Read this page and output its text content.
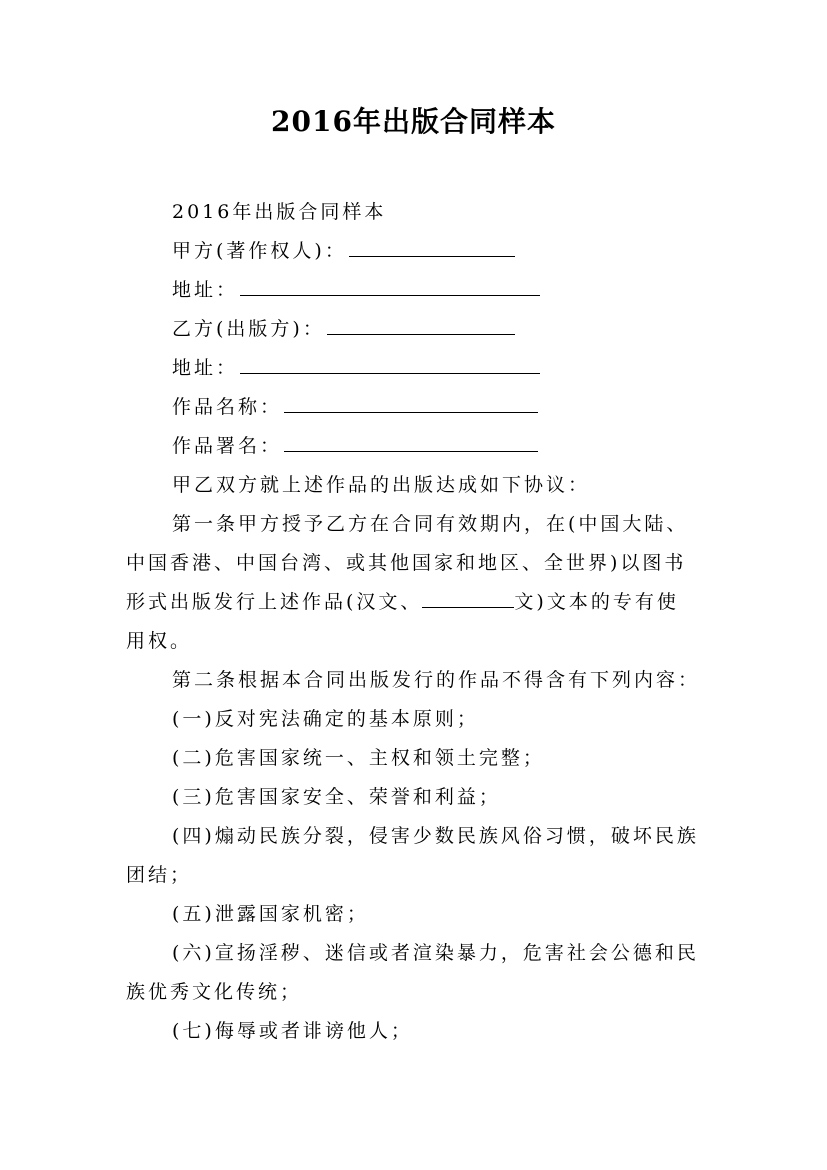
2016年出版合同样本
2016年出版合同样本
甲方(著作权人)：
地址：
乙方(出版方)：
地址：
作品名称：
作品署名：
甲乙双方就上述作品的出版达成如下协议：
第一条甲方授予乙方在合同有效期内，在(中国大陆、
中国香港、中国台湾、或其他国家和地区、全世界)以图书
形式出版发行上述作品(汉文、	文)文本的专有使
用权。
第二条根据本合同出版发行的作品不得含有下列内容：
(一)反对宪法确定的基本原则；
(二)危害国家统一、主权和领土完整；
(三)危害国家安全、荣誉和利益；
(四)煽动民族分裂，侵害少数民族风俗习惯，破坏民族
团结；
(五)泄露国家机密；
(六)宣扬淫秽、迷信或者渲染暴力，危害社会公德和民
族优秀文化传统；
(七)侮辱或者诽谤他人；
